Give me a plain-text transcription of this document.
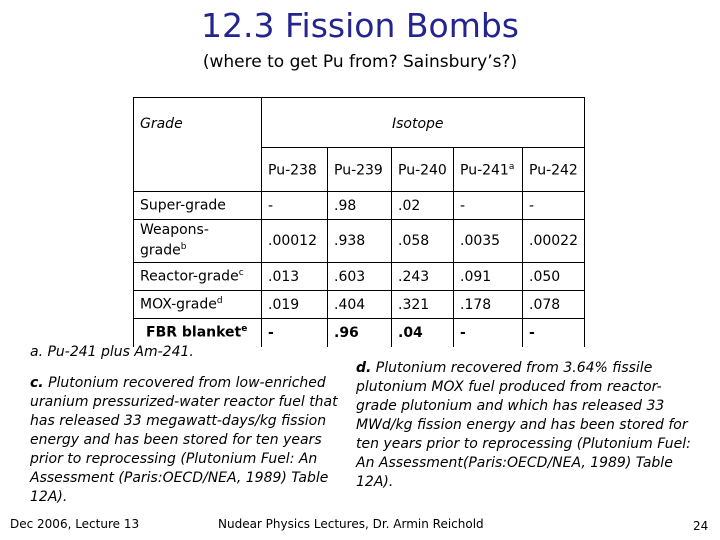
12.3 Fission Bombs
(where to get Pu from? Sainsbury’s?)
Grade	Isotope				
	Pu-238	Pu-239	Pu-240	Pu-241$^a$	Pu-242
Super-grade	-	.98	.02	-	-
Weapons-grade$^b$	.00012	.938	.058	.0035	.00022
Reactor-grade$^c$	.013	.603	.243	.091	.050
MOX-grade$^d$	.019	.404	.321	.178	.078
FBR blanket$^e$	-	.96	.04	-	-
a. Pu-241 plus Am-241.
c. Plutonium recovered from low-enriched uranium pressurized-water reactor fuel that has released 33 megawatt-days/kg fission energy and has been stored for ten years prior to reprocessing (Plutonium Fuel: An Assessment (Paris:OECD/NEA, 1989) Table 12A).
d. Plutonium recovered from 3.64% fissile plutonium MOX fuel produced from reactor-grade plutonium and which has released 33 MWd/kg fission energy and has been stored for ten years prior to reprocessing (Plutonium Fuel: An Assessment(Paris:OECD/NEA, 1989) Table 12A).
Dec 2006, Lecture 13	Nudear Physics Lectures, Dr. Armin Reichold	24
